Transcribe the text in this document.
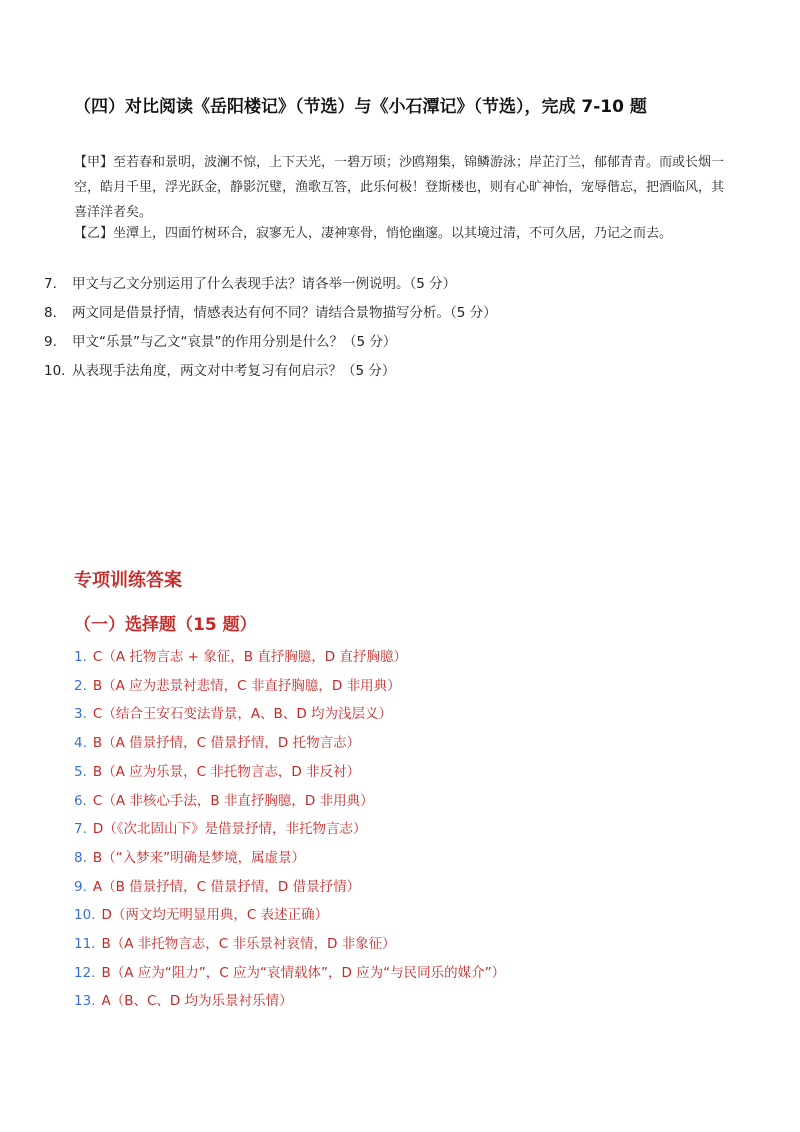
（四）对比阅读《岳阳楼记》（节选）与《小石潭记》（节选），完成 7-10 题
【甲】至若春和景明，波澜不惊，上下天光，一碧万顷；沙鸥翔集，锦鳞游泳；岸芷汀兰，郁郁青青。而或长烟一空，皓月千里，浮光跃金，静影沉璧，渔歌互答，此乐何极！登斯楼也，则有心旷神怡，宠辱偕忘，把酒临风，其喜洋洋者矣。
【乙】坐潭上，四面竹树环合，寂寥无人，凄神寒骨，悄怆幽邃。以其境过清，不可久居，乃记之而去。
7.	甲文与乙文分别运用了什么表现手法？请各举一例说明。（5 分）
8.	两文同是借景抒情，情感表达有何不同？请结合景物描写分析。（5 分）
9.	甲文“乐景”与乙文“哀景”的作用分别是什么？（5 分）
10. 从表现手法角度，两文对中考复习有何启示？（5 分）
专项训练答案
（一）选择题（15 题）
1. C（A 托物言志 + 象征，B 直抒胸臆，D 直抒胸臆）
2. B（A 应为悲景衬悲情，C 非直抒胸臆，D 非用典）
3. C（结合王安石变法背景，A、B、D 均为浅层义）
4. B（A 借景抒情，C 借景抒情，D 托物言志）
5. B（A 应为乐景，C 非托物言志，D 非反衬）
6. C（A 非核心手法，B 非直抒胸臆，D 非用典）
7. D（《次北固山下》是借景抒情，非托物言志）
8. B（“入梦来”明确是梦境，属虚景）
9. A（B 借景抒情，C 借景抒情，D 借景抒情）
10. D（两文均无明显用典，C 表述正确）
11. B（A 非托物言志，C 非乐景衬哀情，D 非象征）
12. B（A 应为“阻力”，C 应为“哀情载体”，D 应为“与民同乐的媒介”）
13. A（B、C、D 均为乐景衬乐情）
